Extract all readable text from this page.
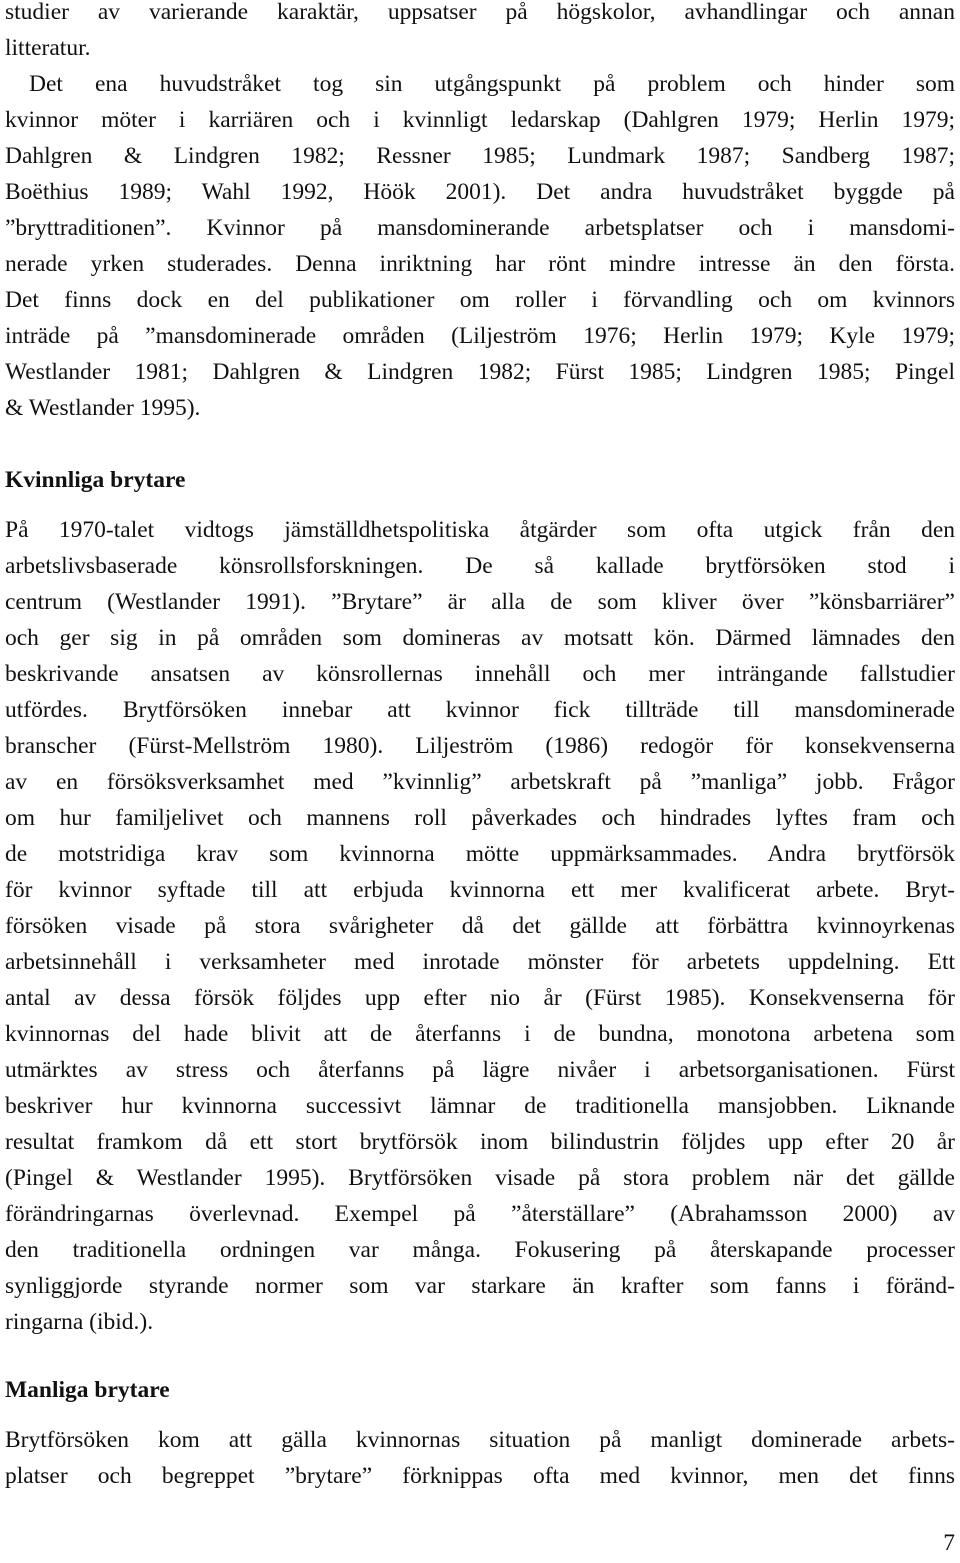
studier av varierande karaktär, uppsatser på högskolor, avhandlingar och annan
litteratur.
Det ena huvudstråket tog sin utgångspunkt på problem och hinder som
kvinnor möter i karriären och i kvinnligt ledarskap (Dahlgren 1979; Herlin 1979;
Dahlgren & Lindgren 1982; Ressner 1985; Lundmark 1987; Sandberg 1987;
Boëthius 1989; Wahl 1992, Höök 2001). Det andra huvudstråket byggde på
”bryttraditionen”. Kvinnor på mansdominerande arbetsplatser och i mansdomi-
nerade yrken studerades. Denna inriktning har rönt mindre intresse än den första.
Det finns dock en del publikationer om roller i förvandling och om kvinnors
inträde på ”mansdominerade områden (Liljeström 1976; Herlin 1979; Kyle 1979;
Westlander 1981; Dahlgren & Lindgren 1982; Fürst 1985; Lindgren 1985; Pingel
& Westlander 1995).
Kvinnliga brytare
På 1970-talet vidtogs jämställdhetspolitiska åtgärder som ofta utgick från den
arbetslivsbaserade könsrollsforskningen. De så kallade brytförsöken stod i
centrum (Westlander 1991). ”Brytare” är alla de som kliver över ”könsbarriärer”
och ger sig in på områden som domineras av motsatt kön. Därmed lämnades den
beskrivande ansatsen av könsrollernas innehåll och mer inträngande fallstudier
utfördes. Brytförsöken innebar att kvinnor fick tillträde till mansdominerade
branscher (Fürst-Mellström 1980). Liljeström (1986) redogör för konsekvenserna
av en försöksverksamhet med ”kvinnlig” arbetskraft på ”manliga” jobb. Frågor
om hur familjelivet och mannens roll påverkades och hindrades lyftes fram och
de motstridiga krav som kvinnorna mötte uppmärksammades. Andra brytförsök
för kvinnor syftade till att erbjuda kvinnorna ett mer kvalificerat arbete. Bryt-
försöken visade på stora svårigheter då det gällde att förbättra kvinnoyrkenas
arbetsinnehåll i verksamheter med inrotade mönster för arbetets uppdelning. Ett
antal av dessa försök följdes upp efter nio år (Fürst 1985). Konsekvenserna för
kvinnornas del hade blivit att de återfanns i de bundna, monotona arbetena som
utmärktes av stress och återfanns på lägre nivåer i arbetsorganisationen. Fürst
beskriver hur kvinnorna successivt lämnar de traditionella mansjobben. Liknande
resultat framkom då ett stort brytförsök inom bilindustrin följdes upp efter 20 år
(Pingel & Westlander 1995). Brytförsöken visade på stora problem när det gällde
förändringarnas överlevnad. Exempel på ”återställare” (Abrahamsson 2000) av
den traditionella ordningen var många. Fokusering på återskapande processer
synliggjorde styrande normer som var starkare än krafter som fanns i föränd-
ringarna (ibid.).
Manliga brytare
Brytförsöken kom att gälla kvinnornas situation på manligt dominerade arbets-
platser och begreppet ”brytare” förknippas ofta med kvinnor, men det finns
7
